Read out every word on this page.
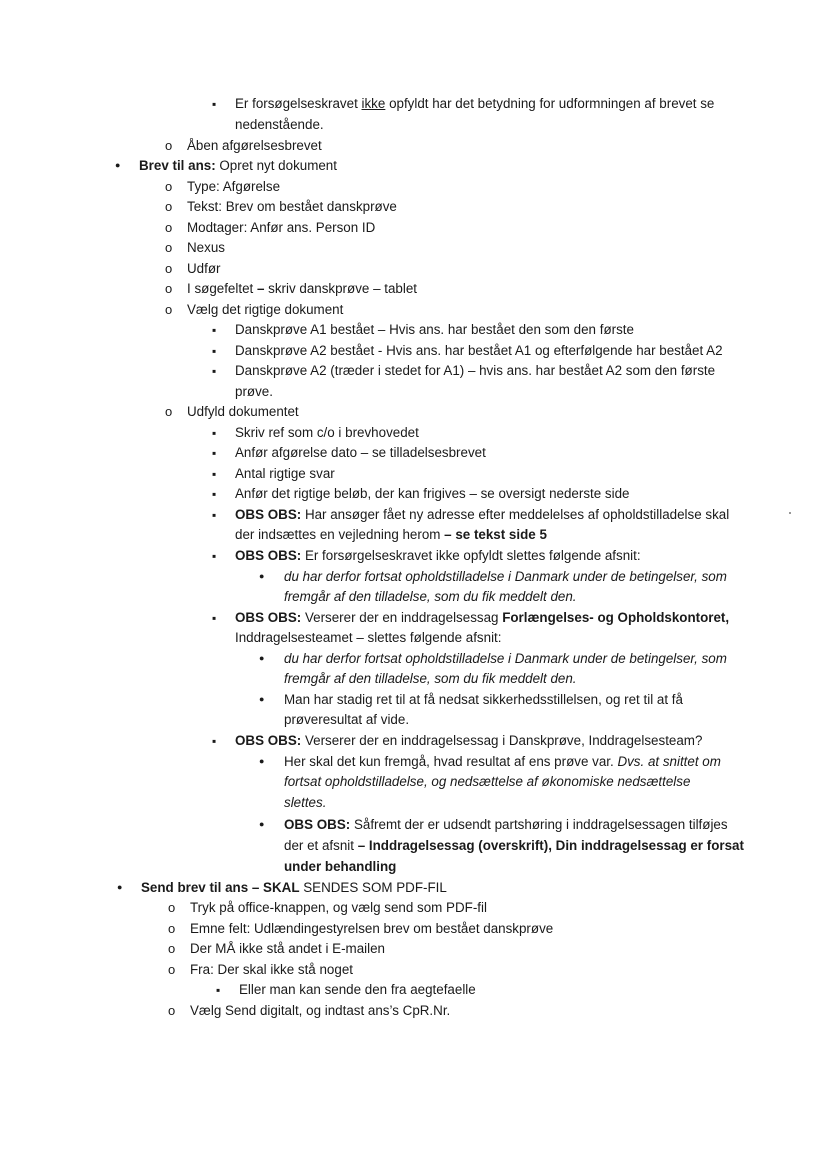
▪
Er forsøgelseskravet ikke opfyldt har det betydning for udformningen af brevet se
nedenstående.
o
Åben afgørelsesbrevet
●
Brev til ans: Opret nyt dokument
o
Type: Afgørelse
o
Tekst: Brev om bestået danskprøve
o
Modtager: Anfør ans. Person ID
o
Nexus
o
Udfør
o
I søgefeltet – skriv danskprøve – tablet
o
Vælg det rigtige dokument
▪
Danskprøve A1 bestået – Hvis ans. har bestået den som den første
▪
Danskprøve A2 bestået - Hvis ans. har bestået A1 og efterfølgende har bestået A2
▪
Danskprøve A2 (træder i stedet for A1) – hvis ans. har bestået A2 som den første
prøve.
o
Udfyld dokumentet
▪
Skriv ref som c/o i brevhovedet
▪
Anfør afgørelse dato – se tilladelsesbrevet
▪
Antal rigtige svar
▪
Anfør det rigtige beløb, der kan frigives – se oversigt nederste side
▪
OBS OBS: Har ansøger fået ny adresse efter meddelelses af opholdstilladelse skal
der indsættes en vejledning herom – se tekst side 5
▪
OBS OBS: Er forsørgelseskravet ikke opfyldt slettes følgende afsnit:
●
du har derfor fortsat opholdstilladelse i Danmark under de betingelser, som
fremgår af den tilladelse, som du fik meddelt den.
▪
OBS OBS: Verserer der en inddragelsessag Forlængelses- og Opholdskontoret,
Inddragelsesteamet – slettes følgende afsnit:
●
du har derfor fortsat opholdstilladelse i Danmark under de betingelser, som
fremgår af den tilladelse, som du fik meddelt den.
●
Man har stadig ret til at få nedsat sikkerhedsstillelsen, og ret til at få
prøveresultat af vide.
▪
OBS OBS: Verserer der en inddragelsessag i Danskprøve, Inddragelsesteam?
●
Her skal det kun fremgå, hvad resultat af ens prøve var. Dvs. at snittet om
fortsat opholdstilladelse, og nedsættelse af økonomiske nedsættelse
slettes.
●
OBS OBS: Såfremt der er udsendt partshøring i inddragelsessagen tilføjes
der et afsnit – Inddragelsessag (overskrift), Din inddragelsessag er forsat
under behandling
●
Send brev til ans – SKAL SENDES SOM PDF-FIL
o
Tryk på office-knappen, og vælg send som PDF-fil
o
Emne felt: Udlændingestyrelsen brev om bestået danskprøve
o
Der MÅ ikke stå andet i E-mailen
o
Fra: Der skal ikke stå noget
▪
Eller man kan sende den fra aegtefaelle
o
Vælg Send digitalt, og indtast ans’s CpR.Nr.
